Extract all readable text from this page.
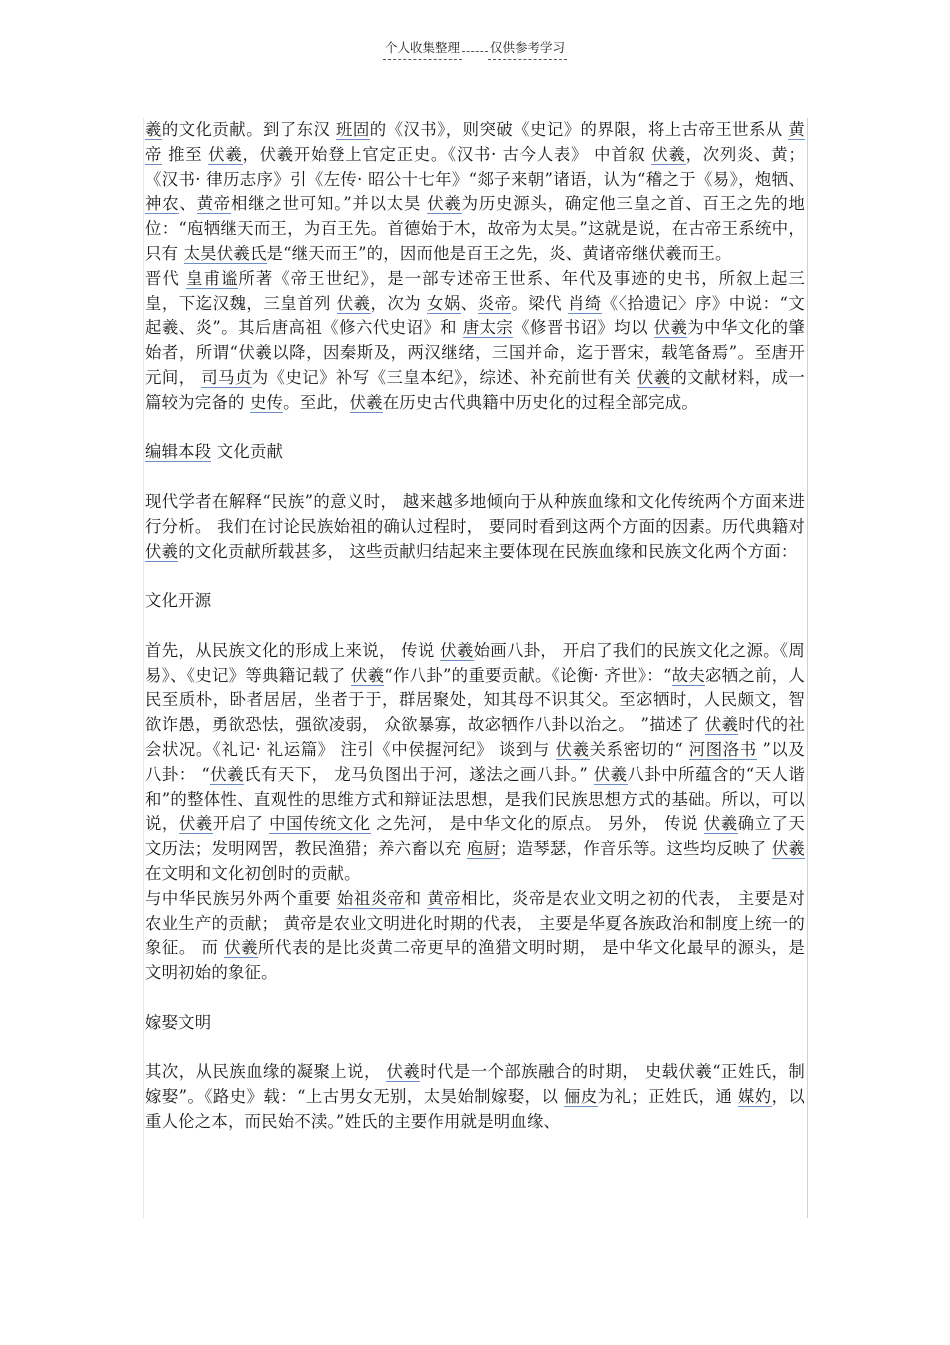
个人收集整理 仅供参考学习

羲的文化贡献。到了东汉 班固的《汉书》，则突破《史记》的界限，将上古帝王世系从 黄帝 推至 伏羲，伏羲开始登上官定正史。《汉书· 古今人表》 中首叙 伏羲，次列炎、黄；《汉书· 律历志序》引《左传· 昭公十七年》“郯子来朝”诸语，认为“稽之于《易》，炮牺、 神农、黄帝相继之世可知。”并以太昊 伏羲为历史源头，确定他三皇之首、百王之先的地位：“庖牺继天而王，为百王先。首德始于木，故帝为太昊。”这就是说，在古帝王系统中，只有 太昊伏羲氏是“继天而王”的，因而他是百王之先，炎、黄诸帝继伏羲而王。

晋代 皇甫谧所著《帝王世纪》，是一部专述帝王世系、年代及事迹的史书，所叙上起三皇，下迄汉魏，三皇首列 伏羲，次为 女娲、炎帝。梁代 肖绮《〈拾遗记〉序》中说：“文起羲、炎”。其后唐高祖《修六代史诏》和 唐太宗《修晋书诏》均以 伏羲为中华文化的肇始者，所谓“伏羲以降，因秦斯及，两汉继绪，三国并命，迄于晋宋，载笔备焉”。至唐开元间， 司马贞为《史记》补写《三皇本纪》，综述、补充前世有关 伏羲的文献材料，成一篇较为完备的 史传。至此，伏羲在历史古代典籍中历史化的过程全部完成。

编辑本段 文化贡献

现代学者在解释“民族”的意义时， 越来越多地倾向于从种族血缘和文化传统两个方面来进行分析。 我们在讨论民族始祖的确认过程时， 要同时看到这两个方面的因素。历代典籍对 伏羲的文化贡献所载甚多， 这些贡献归结起来主要体现在民族血缘和民族文化两个方面：

文化开源

首先，从民族文化的形成上来说， 传说 伏羲始画八卦， 开启了我们的民族文化之源。《周易》、《史记》等典籍记载了 伏羲“作八卦”的重要贡献。《论衡· 齐世》：“故夫宓牺之前，人民至质朴，卧者居居，坐者于于，群居聚处，知其母不识其父。至宓牺时，人民颇文，智欲诈愚，勇欲恐怯，强欲凌弱， 众欲暴寡，故宓牺作八卦以治之。 ”描述了 伏羲时代的社会状况。《礼记· 礼运篇》 注引《中侯握河纪》 谈到与 伏羲关系密切的“ 河图洛书 ”以及八卦： “伏羲氏有天下， 龙马负图出于河，遂法之画八卦。” 伏羲八卦中所蕴含的“天人谐和”的整体性、直观性的思维方式和辩证法思想，是我们民族思想方式的基础。所以，可以说，伏羲开启了 中国传统文化 之先河， 是中华文化的原点。 另外， 传说 伏羲确立了天文历法；发明网罟，教民渔猎；养六畜以充 庖厨；造琴瑟，作音乐等。这些均反映了 伏羲在文明和文化初创时的贡献。

与中华民族另外两个重要 始祖炎帝和 黄帝相比，炎帝是农业文明之初的代表， 主要是对农业生产的贡献； 黄帝是农业文明进化时期的代表， 主要是华夏各族政治和制度上统一的象征。 而 伏羲所代表的是比炎黄二帝更早的渔猎文明时期， 是中华文化最早的源头，是文明初始的象征。

嫁娶文明

其次，从民族血缘的凝聚上说， 伏羲时代是一个部族融合的时期， 史载伏羲“正姓氏，制嫁娶”。《路史》载：“上古男女无别，太昊始制嫁娶，以 俪皮为礼；正姓氏，通 媒妁，以重人伦之本，而民始不渎。”姓氏的主要作用就是明血缘、
